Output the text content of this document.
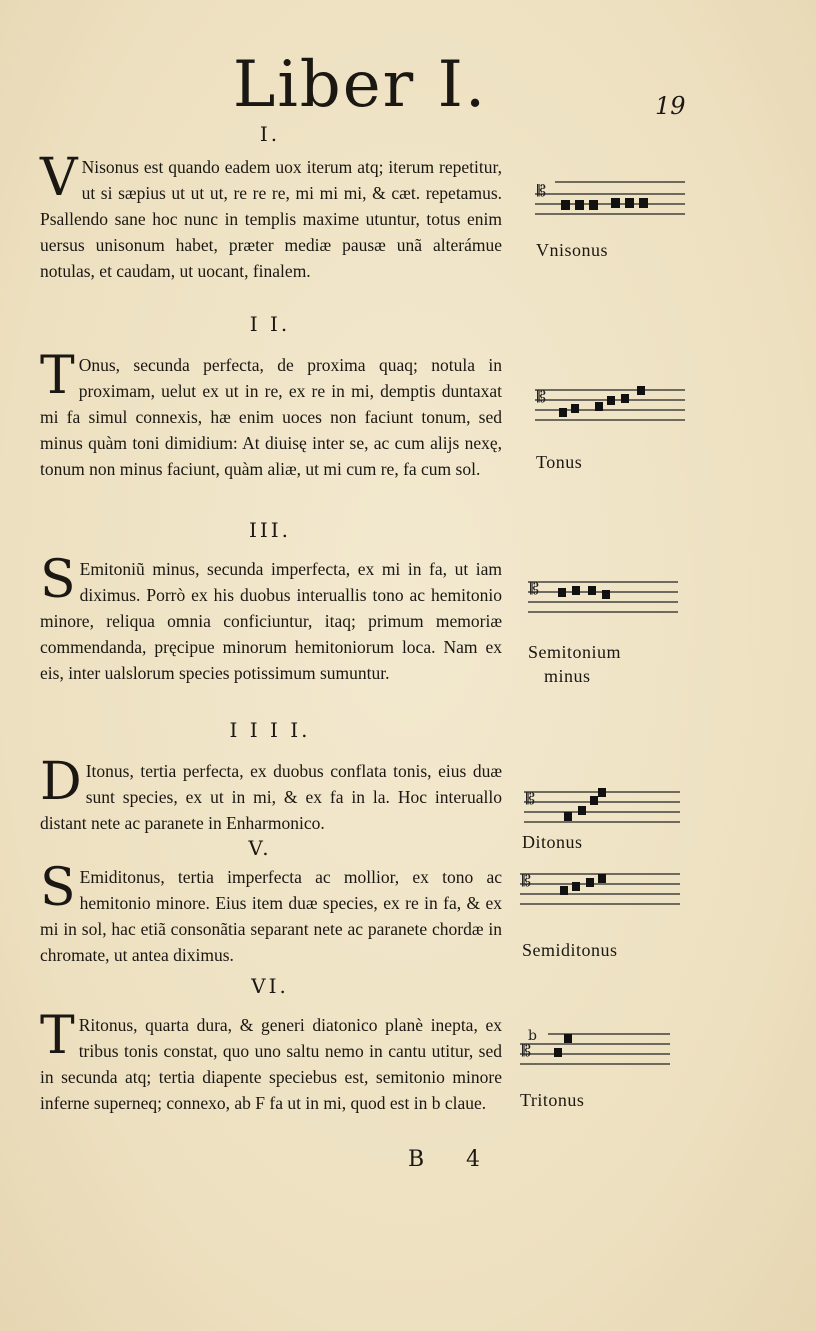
Liber I.	19
I.

V Nisonus est quando eadem uox iterum atq; iterum repetitur, ut si sæpius ut ut ut, re re re, mi mi mi, & cæt. repetamus. Psallendo sane hoc nunc in templis maxime utuntur, totus enim uersus unisonum habet, præter mediæ pausæ unã alterámue notulas, et caudam, ut uocant, finalem.

𝄡
Vnisonus
I I.

T Onus, secunda perfecta, de proxima quaq; notula in proximam, uelut ex ut in re, ex re in mi, demptis duntaxat mi fa simul connexis, hæ enim uoces non faciunt tonum, sed minus quàm toni dimidium: At diuisę inter se, ac cum alijs nexę, tonum non minus faciunt, quàm aliæ, ut mi cum re, fa cum sol.

𝄡
Tonus
III.

S Emitoniũ minus, secunda imperfecta, ex mi in fa, ut iam diximus. Porrò ex his duobus interuallis tono ac hemitonio minore, reliqua omnia conficiuntur, itaq; primum memoriæ commendanda, pręcipue minorum hemitoniorum loca. Nam ex eis, inter ualslorum species potissimum sumuntur.

𝄡
Semitonium
minus
I I I I.

D Itonus, tertia perfecta, ex duobus conflata tonis, eius duæ sunt species, ex ut in mi, & ex fa in la. Hoc interuallo distant nete ac paranete in Enharmonico.

𝄡
Ditonus
V.

S Emiditonus, tertia imperfecta ac mollior, ex tono ac hemitonio minore. Eius item duæ species, ex re in fa, & ex mi in sol, hac etiã consonãtia separant nete ac paranete chordæ in chromate, ut antea diximus.

𝄡
Semiditonus
VI.

T Ritonus, quarta dura, & generi diatonico planè inepta, ex tribus tonis constat, quo uno saltu nemo in cantu utitur, sed in secunda atq; tertia diapente speciebus est, semitonio minore inferne superneq; connexo, ab F fa ut in mi, quod est in b claue.

𝄡
b
Tritonus
B 4
